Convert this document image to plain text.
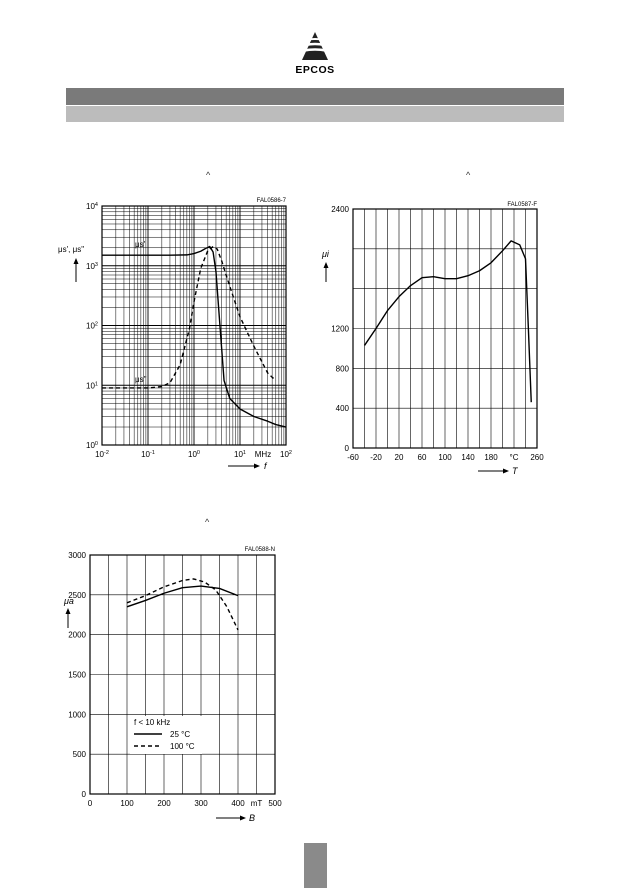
EPCOS
^	^
^
$10^{-2}$	$10^{-1}$	$10^0$	$10^1$	$10^2$
MHz
$10^0$
$10^1$
$10^2$
$10^3$
$10^4$
FAL0586-7
μs'
μs"
μs', μs"
f
-60 -20 20 60 100 140 180 °C 260
0
400
800
1200
2400	FAL0587-F
μi
T
0	100	200	300	400 mT 500
0
500
1000
1500
2000
2500
3000
FAL0588-N
μa
B
f < 10 kHz
25 °C
100 °C
